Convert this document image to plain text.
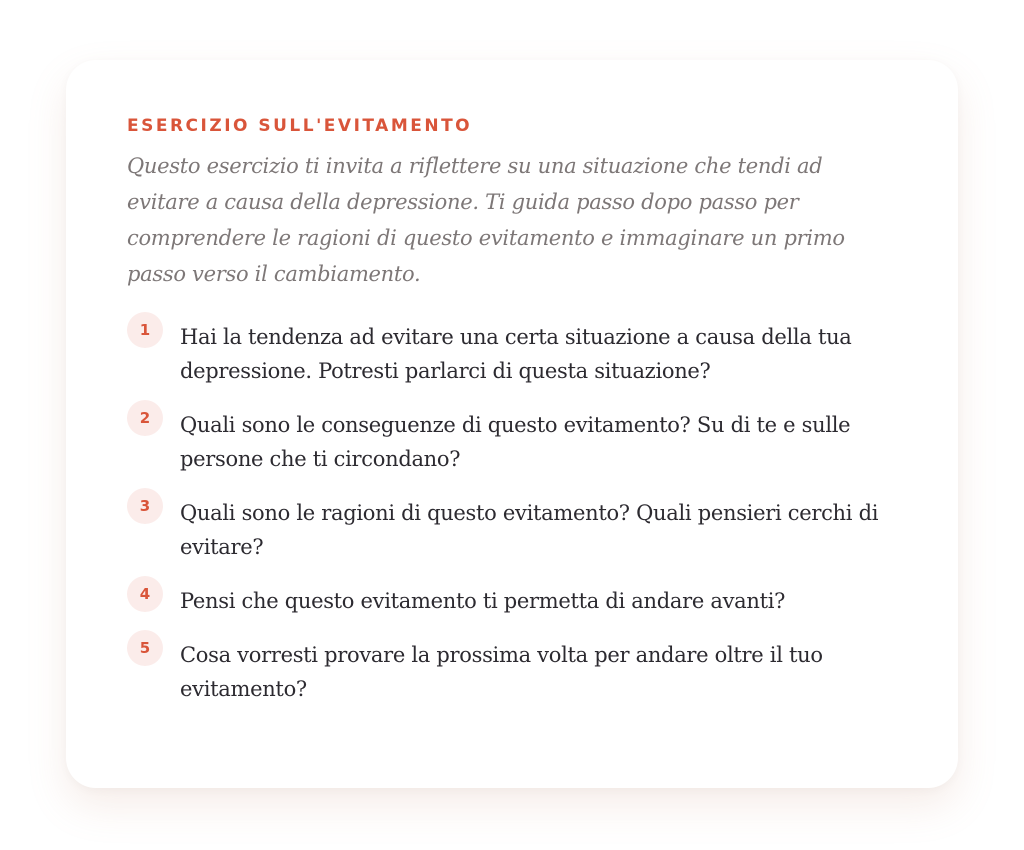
ESERCIZIO SULL'EVITAMENTO

Questo esercizio ti invita a riflettere su una situazione che tendi ad evitare a causa della depressione. Ti guida passo dopo passo per comprendere le ragioni di questo evitamento e immaginare un primo passo verso il cambiamento.

1	Hai la tendenza ad evitare una certa situazione a causa della tua depressione. Potresti parlarci di questa situazione?
2	Quali sono le conseguenze di questo evitamento? Su di te e sulle persone che ti circondano?
3	Quali sono le ragioni di questo evitamento? Quali pensieri cerchi di evitare?
4	Pensi che questo evitamento ti permetta di andare avanti?
5	Cosa vorresti provare la prossima volta per andare oltre il tuo evitamento?
